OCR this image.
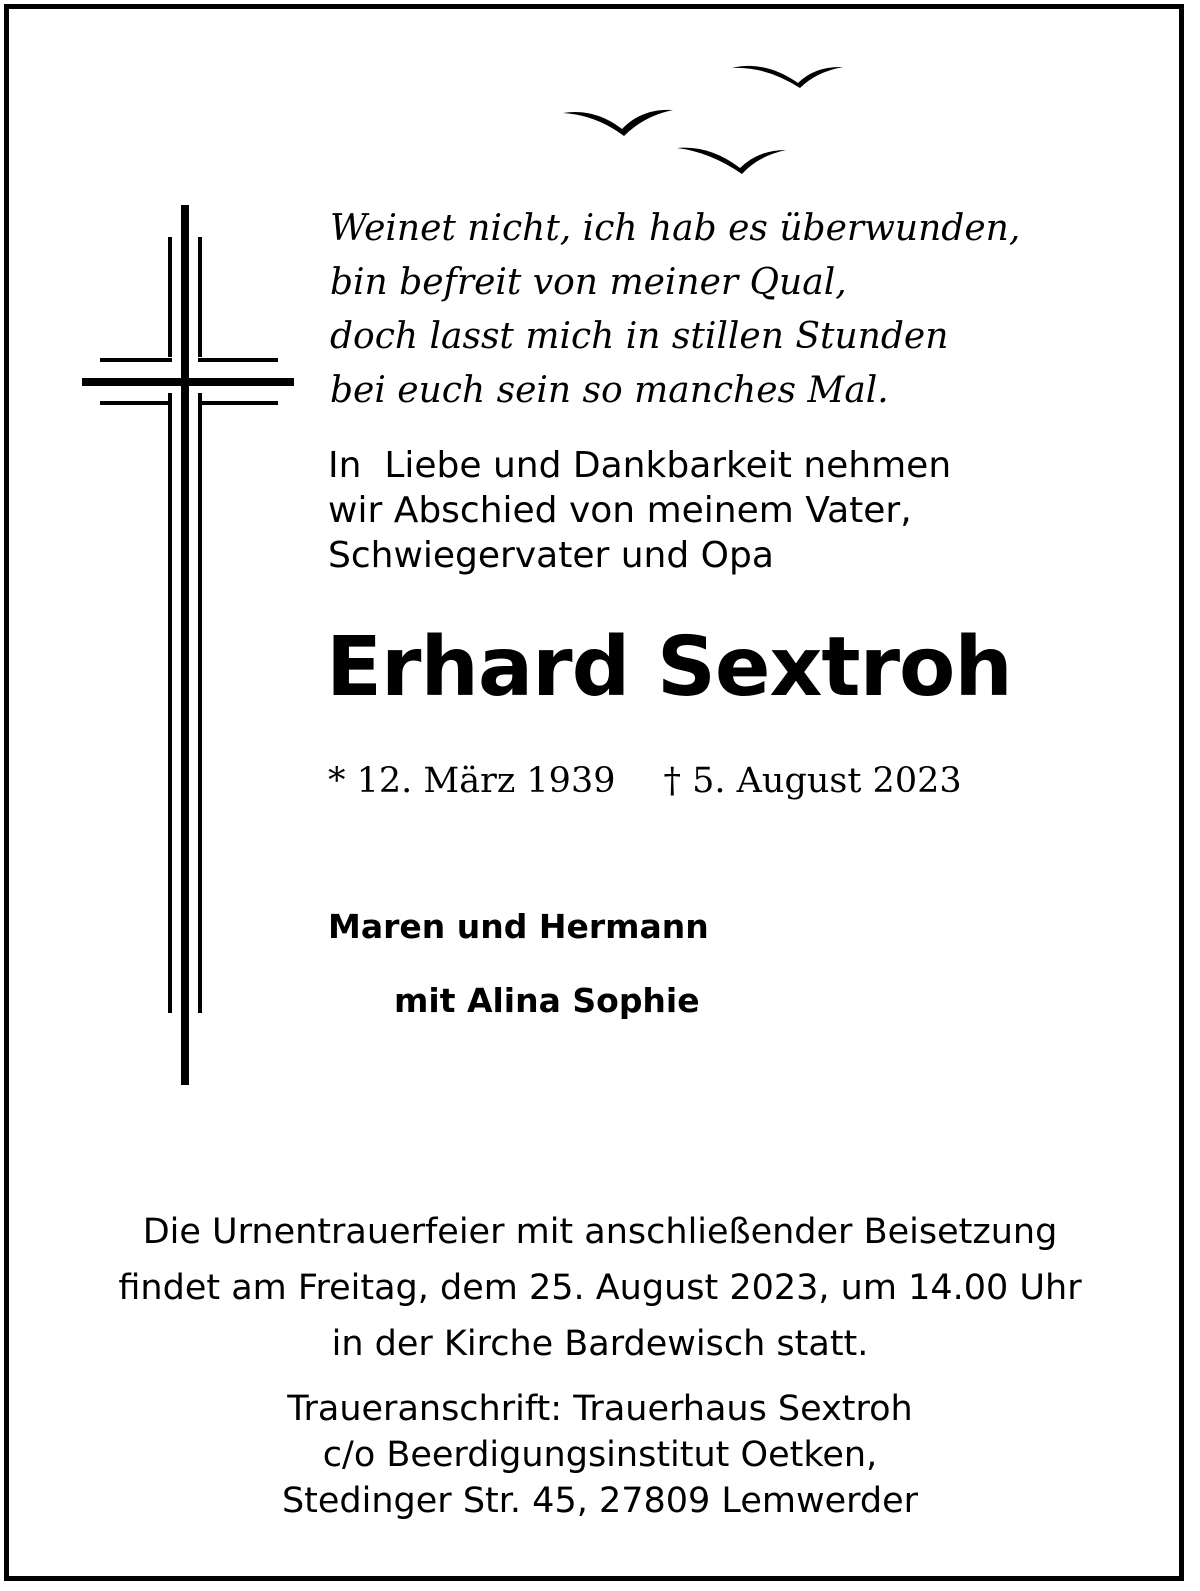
Weinet nicht, ich hab es überwunden,
bin befreit von meiner Qual,
doch lasst mich in stillen Stunden
bei euch sein so manches Mal.
In  Liebe und Dankbarkeit nehmen
wir Abschied von meinem Vater,
Schwiegervater und Opa
Erhard Sextroh
* 12. März 1939 † 5. August 2023
Maren und Hermann
mit Alina Sophie
Die Urnentrauerfeier mit anschließender Beisetzung
findet am Freitag, dem 25. August 2023, um 14.00 Uhr
in der Kirche Bardewisch statt.
Traueranschrift: Trauerhaus Sextroh
c/o Beerdigungsinstitut Oetken,
Stedinger Str. 45, 27809 Lemwerder
